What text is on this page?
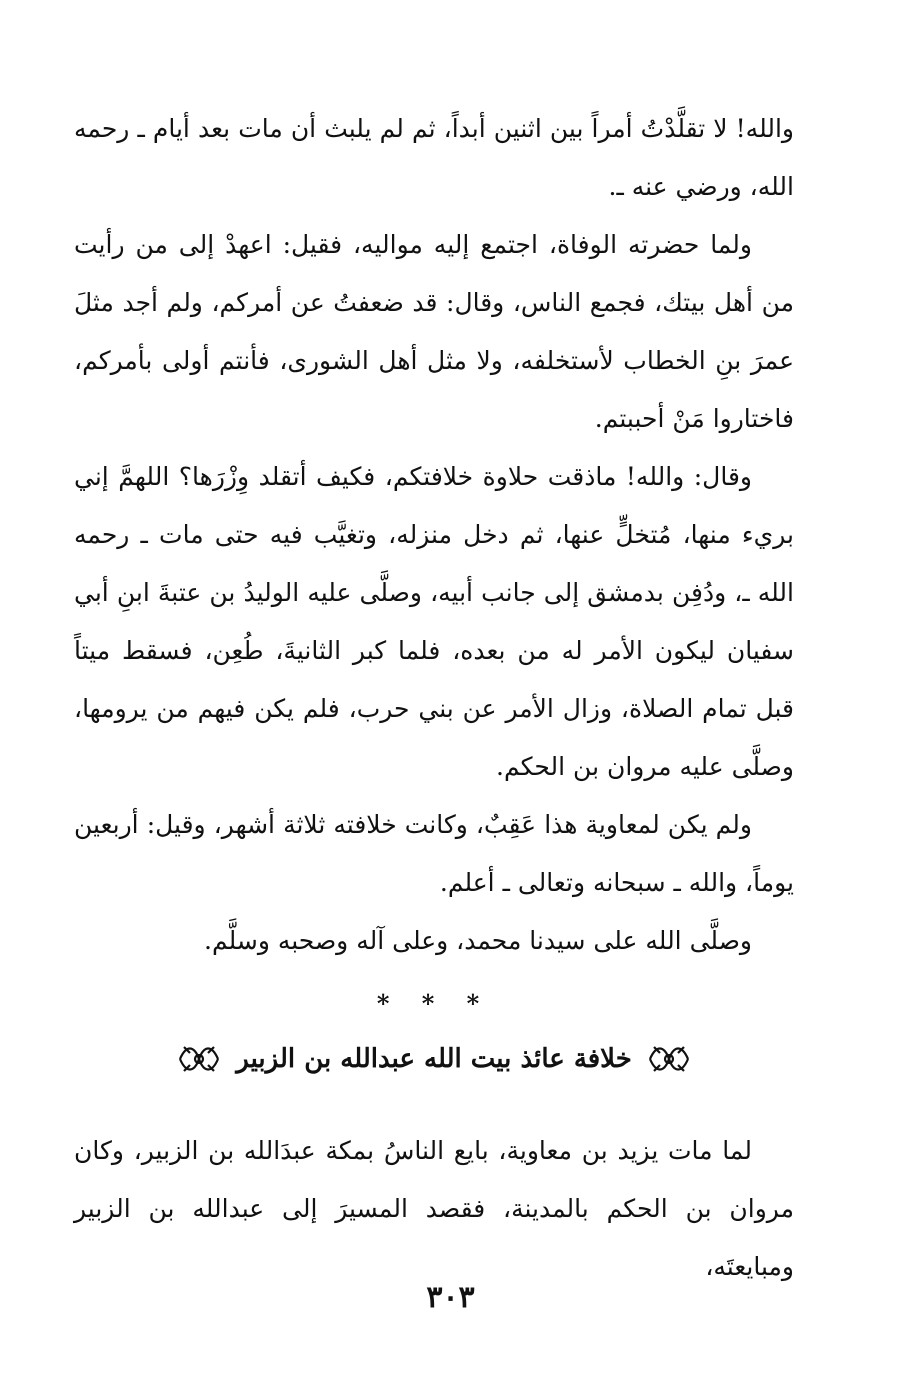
والله! لا تقلَّدْتُ أمراً بين اثنين أبداً، ثم لم يلبث أن مات بعد أيام ـ رحمه الله، ورضي عنه ـ.

ولما حضرته الوفاة، اجتمع إليه مواليه، فقيل: اعهدْ إلى من رأيت من أهل بيتك، فجمع الناس، وقال: قد ضعفتُ عن أمركم، ولم أجد مثلَ عمرَ بنِ الخطاب لأستخلفه، ولا مثل أهل الشورى، فأنتم أولى بأمركم، فاختاروا مَنْ أحببتم.

وقال: والله! ماذقت حلاوة خلافتكم، فكيف أتقلد وِزْرَها؟ اللهمَّ إني بريء منها، مُتخلٍّ عنها، ثم دخل منزله، وتغيَّب فيه حتى مات ـ رحمه الله ـ، ودُفِن بدمشق إلى جانب أبيه، وصلَّى عليه الوليدُ بن عتبةَ ابنِ أبي سفيان ليكون الأمر له من بعده، فلما كبر الثانيةَ، طُعِن، فسقط ميتاً قبل تمام الصلاة، وزال الأمر عن بني حرب، فلم يكن فيهم من يرومها، وصلَّى عليه مروان بن الحكم.

ولم يكن لمعاوية هذا عَقِبٌ، وكانت خلافته ثلاثة أشهر، وقيل: أربعين يوماً، والله ـ سبحانه وتعالى ـ أعلم.

وصلَّى الله على سيدنا محمد، وعلى آله وصحبه وسلَّم.

* * *
خلافة عائذ بيت الله عبدالله بن الزبير

لما مات يزيد بن معاوية، بايع الناسُ بمكة عبدَالله بن الزبير، وكان مروان بن الحكم بالمدينة، فقصد المسيرَ إلى عبدالله بن الزبير ومبايعتَه،

٣٠٣
